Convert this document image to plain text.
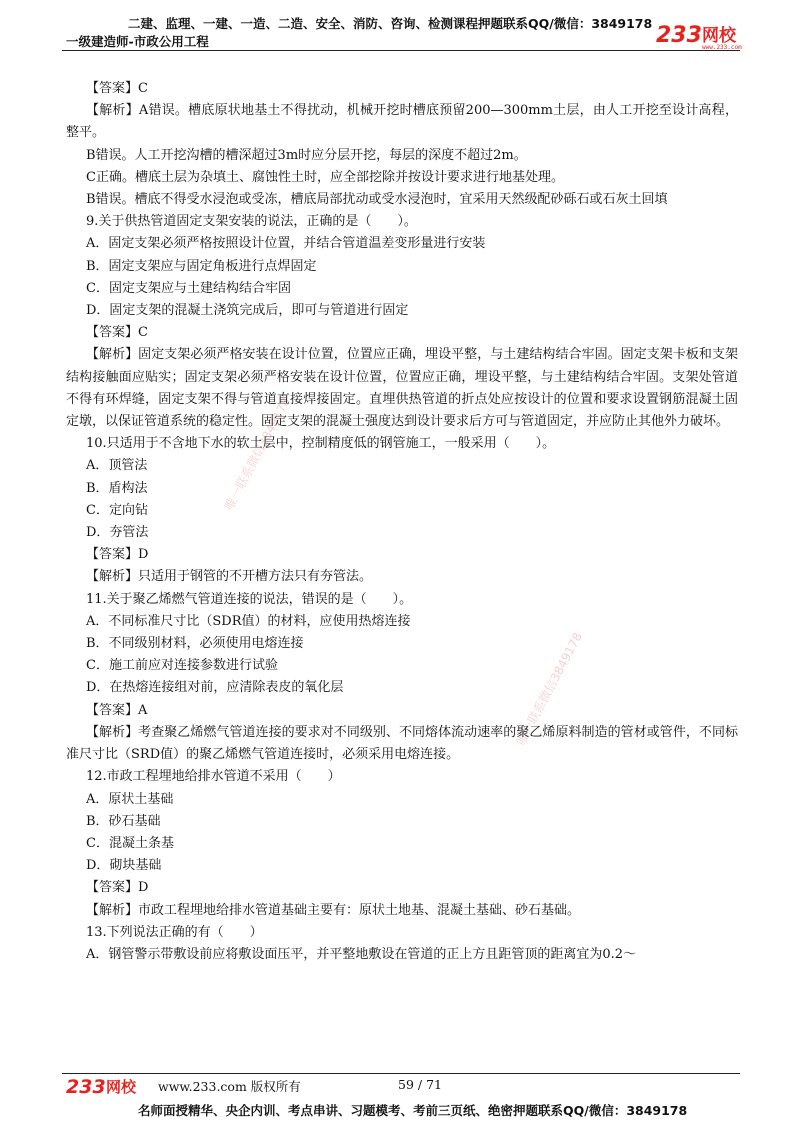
二建、监理、一建、一造、二造、安全、消防、咨询、检测课程押题联系QQ/微信：3849178
一级建造师-市政公用工程	233 网校
www.233.com
唯一联系微信3849178
唯一联系微信3849178

【答案】C

【解析】A错误。槽底原状地基土不得扰动，机械开挖时槽底预留200—300mm土层，由人工开挖至设计高程，整平。

B错误。人工开挖沟槽的槽深超过3m时应分层开挖，每层的深度不超过2m。

C正确。槽底土层为杂填土、腐蚀性土时，应全部挖除并按设计要求进行地基处理。

B错误。槽底不得受水浸泡或受冻，槽底局部扰动或受水浸泡时，宜采用天然级配砂砾石或石灰土回填

9.关于供热管道固定支架安装的说法，正确的是（　　）。

A．固定支架必须严格按照设计位置，并结合管道温差变形量进行安装

B．固定支架应与固定角板进行点焊固定

C．固定支架应与土建结构结合牢固

D．固定支架的混凝土浇筑完成后，即可与管道进行固定

【答案】C

【解析】固定支架必须严格安装在设计位置，位置应正确，埋设平整，与土建结构结合牢固。固定支架卡板和支架结构接触面应贴实；固定支架必须严格安装在设计位置，位置应正确，埋设平整，与土建结构结合牢固。支架处管道不得有环焊缝，固定支架不得与管道直接焊接固定。直埋供热管道的折点处应按设计的位置和要求设置钢筋混凝土固定墩，以保证管道系统的稳定性。固定支架的混凝土强度达到设计要求后方可与管道固定，并应防止其他外力破坏。

10.只适用于不含地下水的软土层中，控制精度低的钢管施工，一般采用（　　）。

A．顶管法

B．盾构法

C．定向钻

D．夯管法

【答案】D

【解析】只适用于钢管的不开槽方法只有夯管法。

11.关于聚乙烯燃气管道连接的说法，错误的是（　　）。

A．不同标准尺寸比（SDR值）的材料，应使用热熔连接

B．不同级别材料，必须使用电熔连接

C．施工前应对连接参数进行试验

D．在热熔连接组对前，应清除表皮的氧化层

【答案】A

【解析】考查聚乙烯燃气管道连接的要求对不同级别、不同熔体流动速率的聚乙烯原料制造的管材或管件，不同标准尺寸比（SRD值）的聚乙烯燃气管道连接时，必须采用电熔连接。

12.市政工程埋地给排水管道不采用（　　）

A．原状土基础

B．砂石基础

C．混凝土条基

D．砌块基础

【答案】D

【解析】市政工程埋地给排水管道基础主要有：原状土地基、混凝土基础、砂石基础。

13.下列说法正确的有（　　）

A．钢管警示带敷设前应将敷设面压平，并平整地敷设在管道的正上方且距管顶的距离宜为0.2～

233 网校 www.233.com 版权所有	59 / 71
名师面授精华、央企内训、考点串讲、习题模考、考前三页纸、绝密押题联系QQ/微信：3849178
